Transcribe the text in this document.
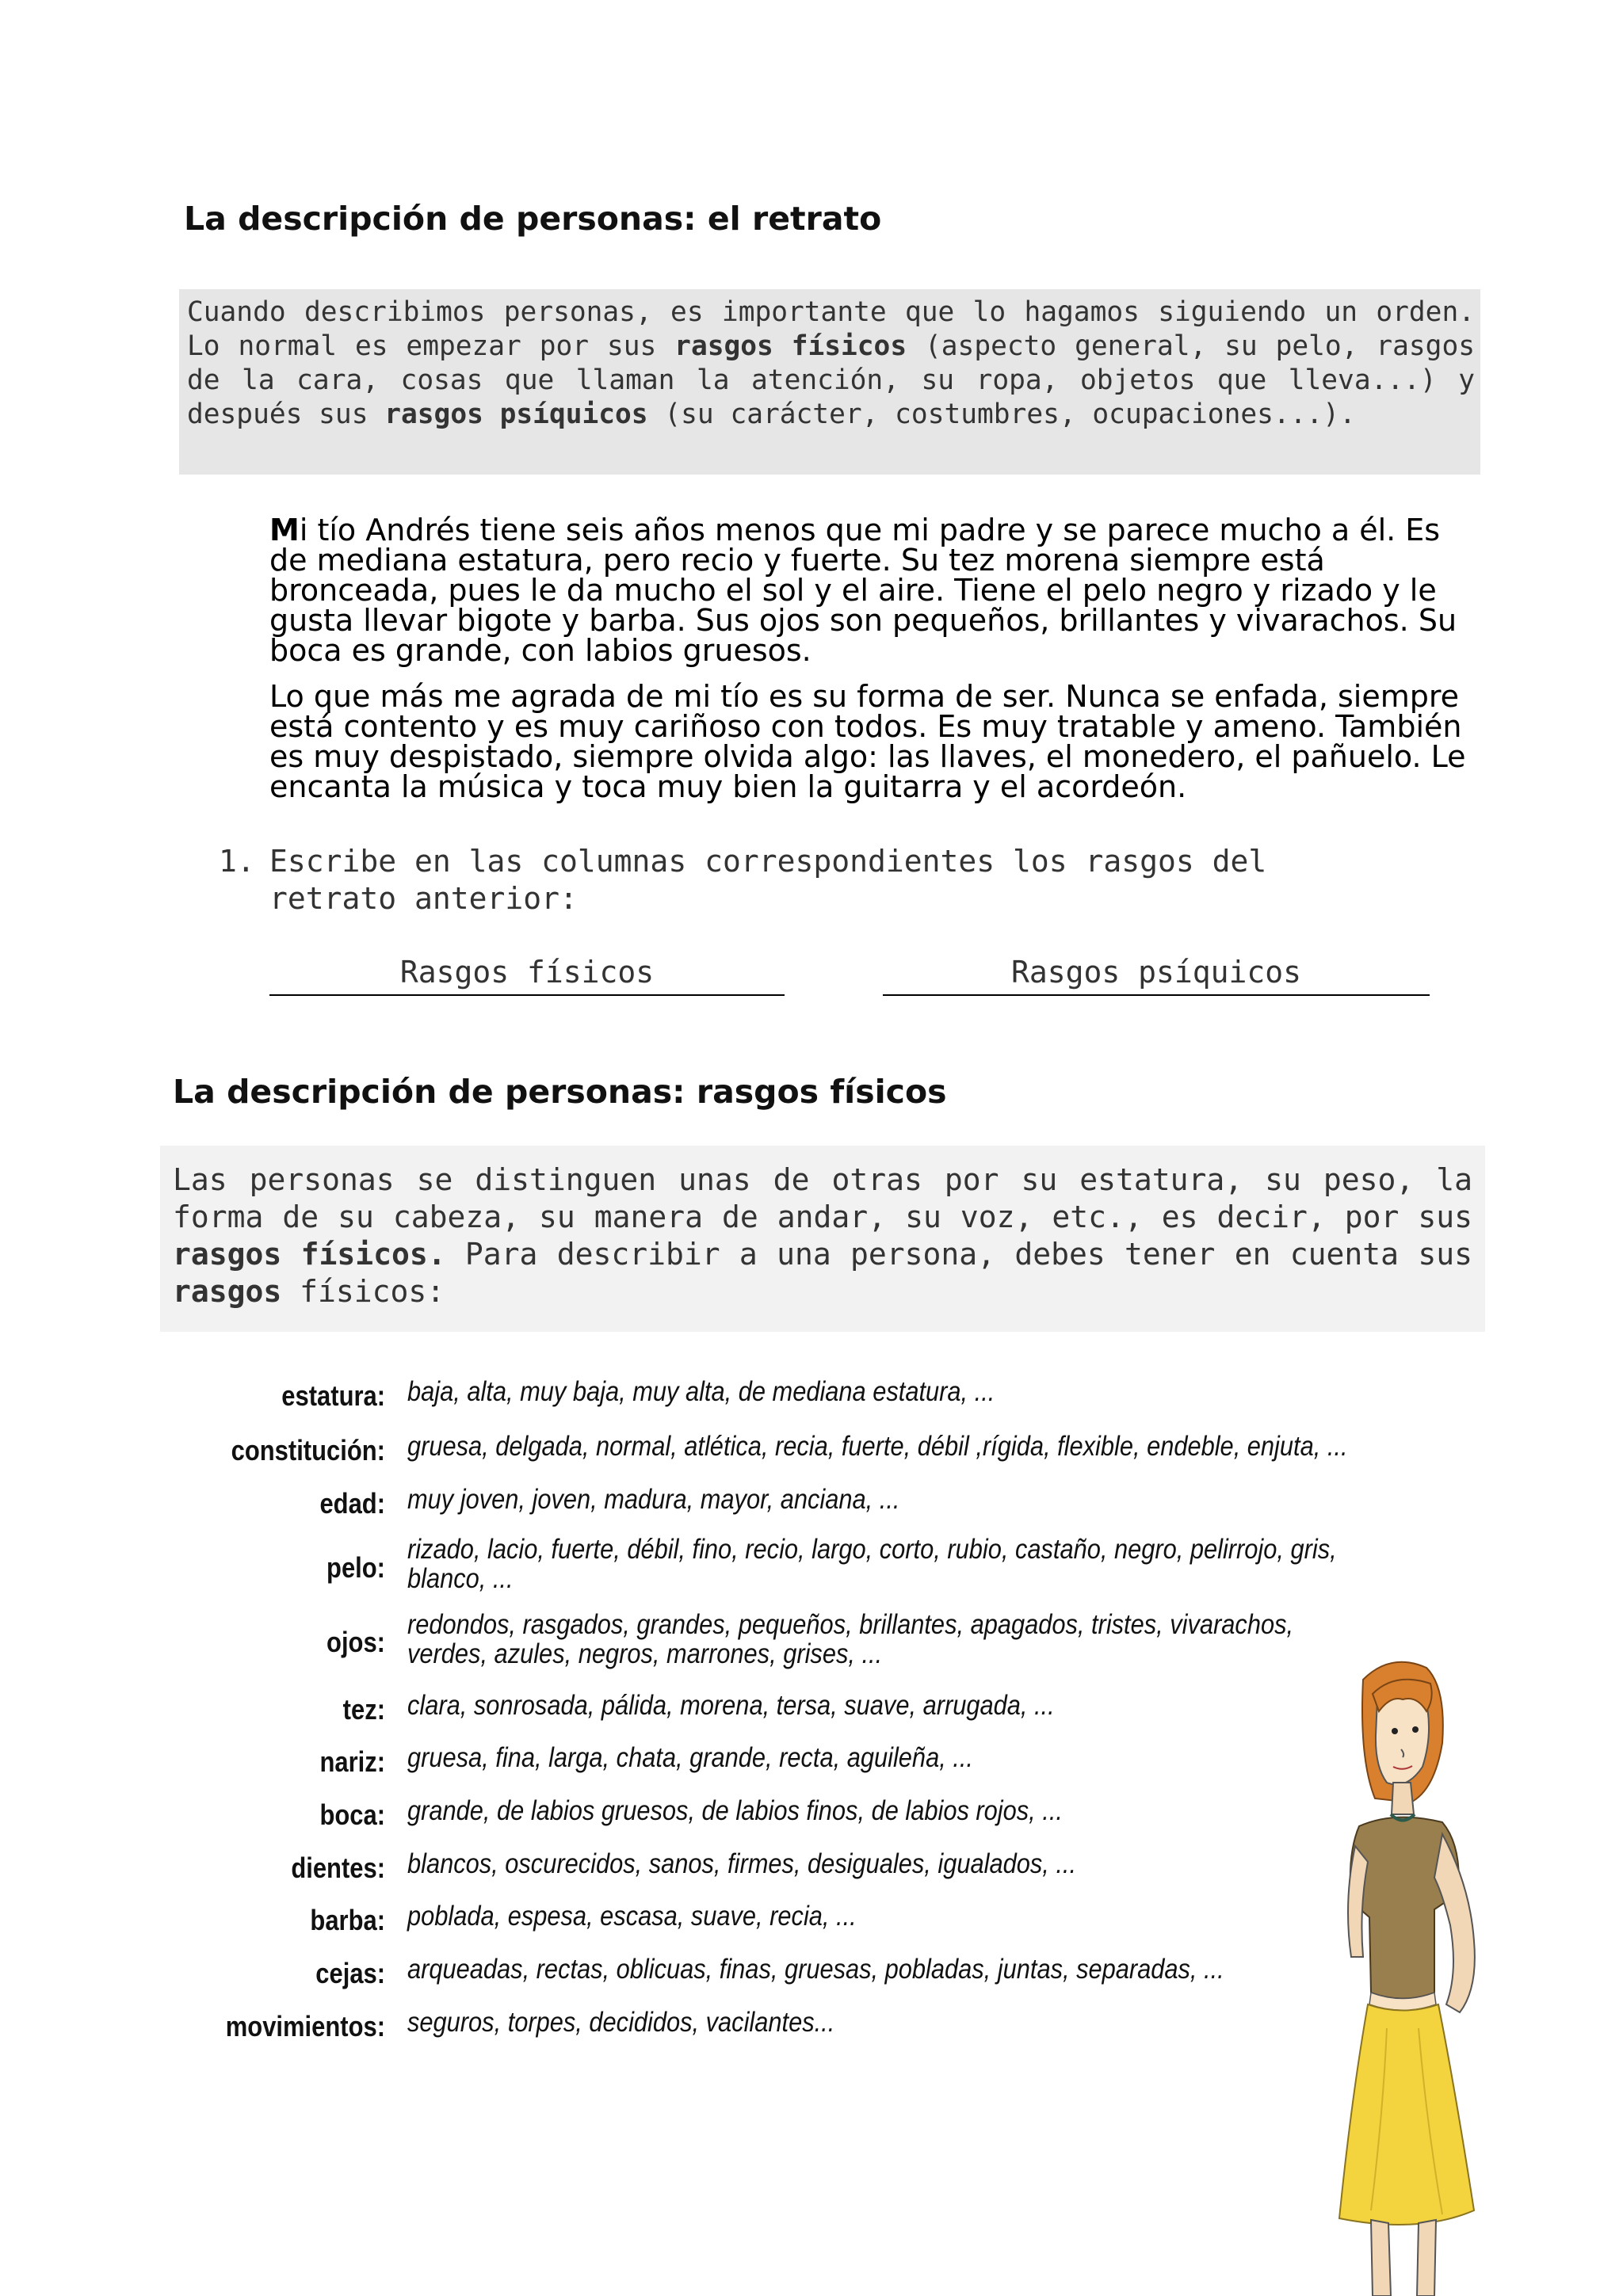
La descripción de personas: el retrato

Cuando describimos personas, es importante que lo hagamos siguiendo un orden. Lo normal es empezar por sus rasgos físicos (aspecto general, su pelo, rasgos de la cara, cosas que llaman la atención, su ropa, objetos que lleva...) y después sus rasgos psíquicos (su carácter, costumbres, ocupaciones...).

Mi tío Andrés tiene seis años menos que mi padre y se parece mucho a él. Es de mediana estatura, pero recio y fuerte. Su tez morena siempre está bronceada, pues le da mucho el sol y el aire. Tiene el pelo negro y rizado y le gusta llevar bigote y barba. Sus ojos son pequeños, brillantes y vivarachos. Su boca es grande, con labios gruesos.

Lo que más me agrada de mi tío es su forma de ser. Nunca se enfada, siempre está contento y es muy cariñoso con todos. Es muy tratable y ameno. También es muy despistado, siempre olvida algo: las llaves, el monedero, el pañuelo. Le encanta la música y toca muy bien la guitarra y el acordeón.

1. Escribe en las columnas correspondientes los rasgos del retrato anterior:
Rasgos físicos	Rasgos psíquicos
La descripción de personas: rasgos físicos

Las personas se distinguen unas de otras por su estatura, su peso, la forma de su cabeza, su manera de andar, su voz, etc., es decir, por sus rasgos físicos. Para describir a una persona, debes tener en cuenta sus rasgos físicos:

estatura: baja, alta, muy baja, muy alta, de mediana estatura, ...
constitución: gruesa, delgada, normal, atlética, recia, fuerte, débil ,rígida, flexible, endeble, enjuta, ...
edad: muy joven, joven, madura, mayor, anciana, ...
pelo:
rizado, lacio, fuerte, débil, fino, recio, largo, corto, rubio, castaño, negro, pelirrojo, gris,
blanco, ...
ojos:
redondos, rasgados, grandes, pequeños, brillantes, apagados, tristes, vivarachos,
verdes, azules, negros, marrones, grises, ...
tez: clara, sonrosada, pálida, morena, tersa, suave, arrugada, ...
nariz: gruesa, fina, larga, chata, grande, recta, aguileña, ...
boca: grande, de labios gruesos, de labios finos, de labios rojos, ...
dientes: blancos, oscurecidos, sanos, firmes, desiguales, igualados, ...
barba: poblada, espesa, escasa, suave, recia, ...
cejas: arqueadas, rectas, oblicuas, finas, gruesas, pobladas, juntas, separadas, ...
movimientos: seguros, torpes, decididos, vacilantes...
